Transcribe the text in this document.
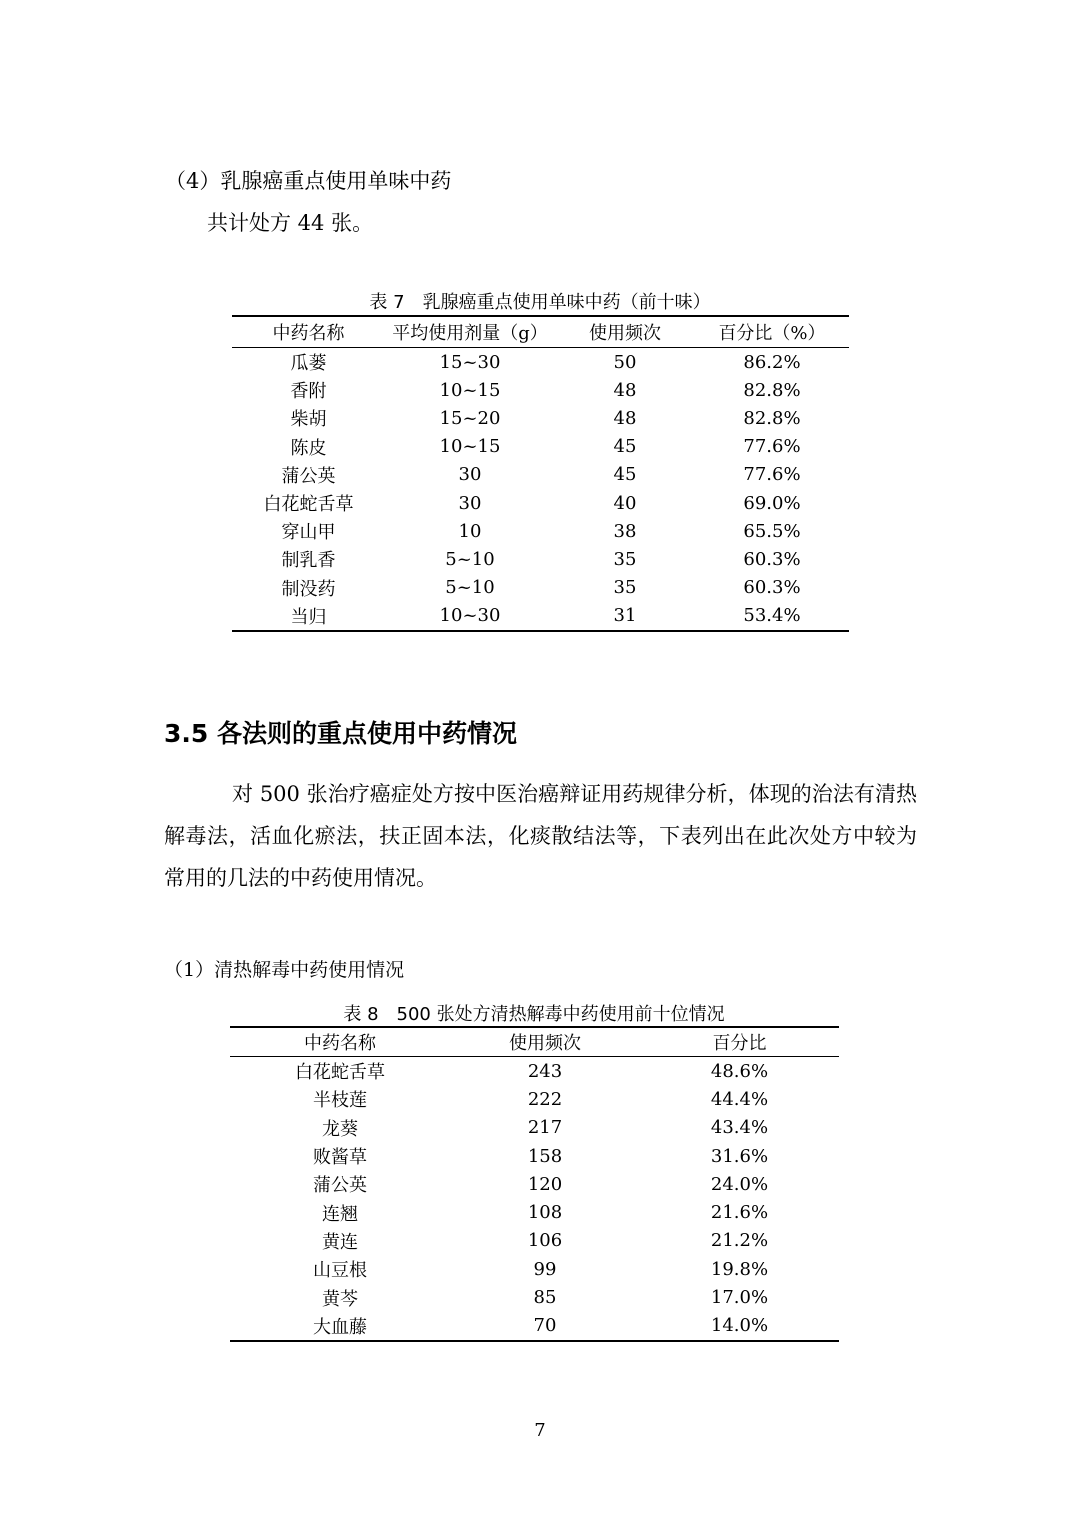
（4）乳腺癌重点使用单味中药
共计处方 44 张。
表 7　乳腺癌重点使用单味中药（前十味）
中药名称	平均使用剂量（g）	使用频次	百分比（%）
瓜蒌	15~30	50	86.2%
香附	10~15	48	82.8%
柴胡	15~20	48	82.8%
陈皮	10~15	45	77.6%
蒲公英	30	45	77.6%
白花蛇舌草	30	40	69.0%
穿山甲	10	38	65.5%
制乳香	5~10	35	60.3%
制没药	5~10	35	60.3%
当归	10~30	31	53.4%
3.5 各法则的重点使用中药情况
对 500 张治疗癌症处方按中医治癌辩证用药规律分析，体现的治法有清热解毒法，活血化瘀法，扶正固本法，化痰散结法等，下表列出在此次处方中较为常用的几法的中药使用情况。
（1）清热解毒中药使用情况
表 8　500 张处方清热解毒中药使用前十位情况
中药名称	使用频次	百分比
白花蛇舌草	243	48.6%
半枝莲	222	44.4%
龙葵	217	43.4%
败酱草	158	31.6%
蒲公英	120	24.0%
连翘	108	21.6%
黄连	106	21.2%
山豆根	99	19.8%
黄芩	85	17.0%
大血藤	70	14.0%
7
